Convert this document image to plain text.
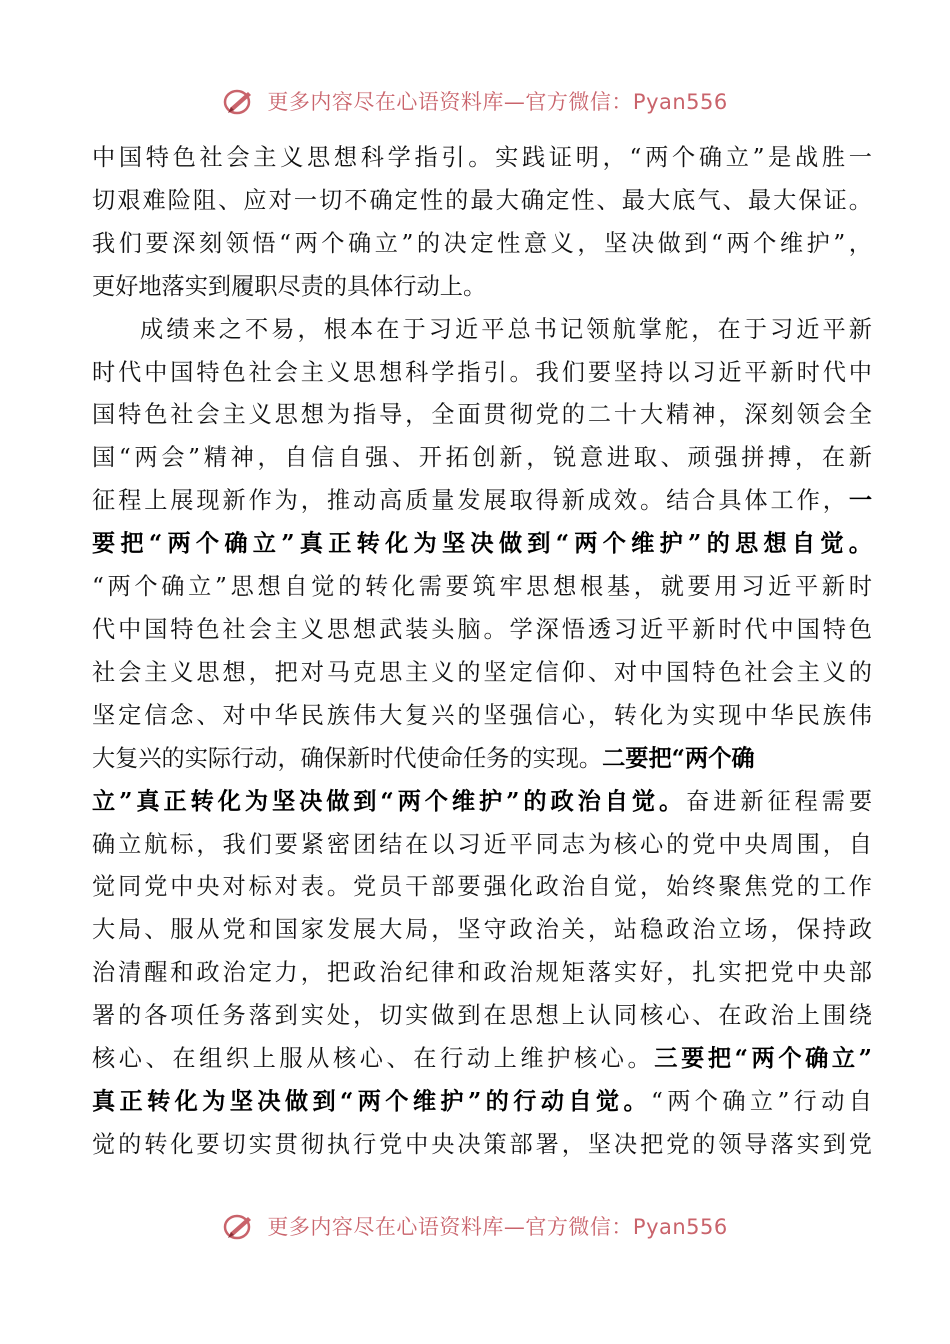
更多内容尽在心语资料库—官方微信：Pyan556

中国特色社会主义思想科学指引。实践证明，“两个确立”是战胜一
切艰难险阻、应对一切不确定性的最大确定性、最大底气、最大保证。
我们要深刻领悟“两个确立”的决定性意义，坚决做到“两个维护”，
更好地落实到履职尽责的具体行动上。

成绩来之不易，根本在于习近平总书记领航掌舵，在于习近平新
时代中国特色社会主义思想科学指引。我们要坚持以习近平新时代中
国特色社会主义思想为指导，全面贯彻党的二十大精神，深刻领会全
国“两会”精神，自信自强、开拓创新，锐意进取、顽强拼搏，在新
征程上展现新作为，推动高质量发展取得新成效。结合具体工作，一
要把“两个确立”真正转化为坚决做到“两个维护”的思想自觉。
“两个确立”思想自觉的转化需要筑牢思想根基，就要用习近平新时
代中国特色社会主义思想武装头脑。学深悟透习近平新时代中国特色
社会主义思想，把对马克思主义的坚定信仰、对中国特色社会主义的
坚定信念、对中华民族伟大复兴的坚强信心，转化为实现中华民族伟
大复兴的实际行动，确保新时代使命任务的实现。二要把“两个确
立”真正转化为坚决做到“两个维护”的政治自觉。奋进新征程需要
确立航标，我们要紧密团结在以习近平同志为核心的党中央周围，自
觉同党中央对标对表。党员干部要强化政治自觉，始终聚焦党的工作
大局、服从党和国家发展大局，坚守政治关，站稳政治立场，保持政
治清醒和政治定力，把政治纪律和政治规矩落实好，扎实把党中央部
署的各项任务落到实处，切实做到在思想上认同核心、在政治上围绕
核心、在组织上服从核心、在行动上维护核心。三要把“两个确立”
真正转化为坚决做到“两个维护”的行动自觉。“两个确立”行动自
觉的转化要切实贯彻执行党中央决策部署，坚决把党的领导落实到党

更多内容尽在心语资料库—官方微信：Pyan556
